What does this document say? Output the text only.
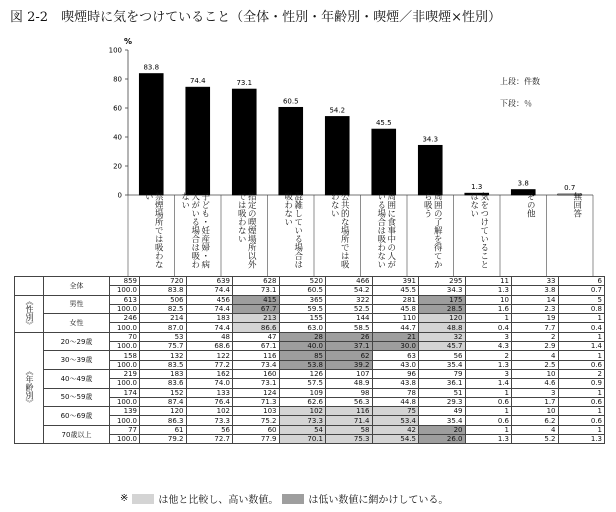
図 2-2　喫煙時に気をつけていること（全体・性別・年齢別・喫煙／非喫煙×性別）
%
0
20
40
60
80
100
83.8
74.4	73.1
60.5
54.2
45.5
34.3
1.3	3.8
0.7
上段：件数
下段：％
禁煙場所では吸わない	子ども・妊産婦・病人がいる場合は吸わない	指定の喫煙場所以外では吸わない	混雑している場合は吸わない	公共的な場所では吸わない	周囲に食事中の人がいる場合は吸わない	周囲の了解を得てから吸う	気をつけていることはない	その他	無回答
	全体	859	720	639	628	520	466	391	295	11	33	6
		100.0	83.8	74.4	73.1	60.5	54.2	45.5	34.3	1.3	3.8	0.7
《性別》	男性	613	506	456	415	365	322	281	175	10	14	5
		100.0	82.5	74.4	67.7	59.5	52.5	45.8	28.5	1.6	2.3	0.8
	女性	246	214	183	213	155	144	110	120	1	19	1
		100.0	87.0	74.4	86.6	63.0	58.5	44.7	48.8	0.4	7.7	0.4
《年齢別》	20～29歳	70	53	48	47	28	26	21	32	3	2	1
		100.0	75.7	68.6	67.1	40.0	37.1	30.0	45.7	4.3	2.9	1.4
	30～39歳	158	132	122	116	85	62	63	56	2	4	1
		100.0	83.5	77.2	73.4	53.8	39.2	43.0	35.4	1.3	2.5	0.6
	40～49歳	219	183	162	160	126	107	96	79	3	10	2
		100.0	83.6	74.0	73.1	57.5	48.9	43.8	36.1	1.4	4.6	0.9
	50～59歳	174	152	133	124	109	98	78	51	1	3	1
		100.0	87.4	76.4	71.3	62.6	56.3	44.8	29.3	0.6	1.7	0.6
	60～69歳	139	120	102	103	102	116	75	49	1	10	1
		100.0	86.3	73.3	75.2	73.3	71.4	53.4	35.4	0.6	6.2	0.6
	70歳以上	77	61	56	60	54	58	42	20	1	4	1
		100.0	79.2	72.7	77.9	70.1	75.3	54.5	26.0	1.3	5.2	1.3
※	は他と比較し、高い数値。	は低い数値に網かけしている。
